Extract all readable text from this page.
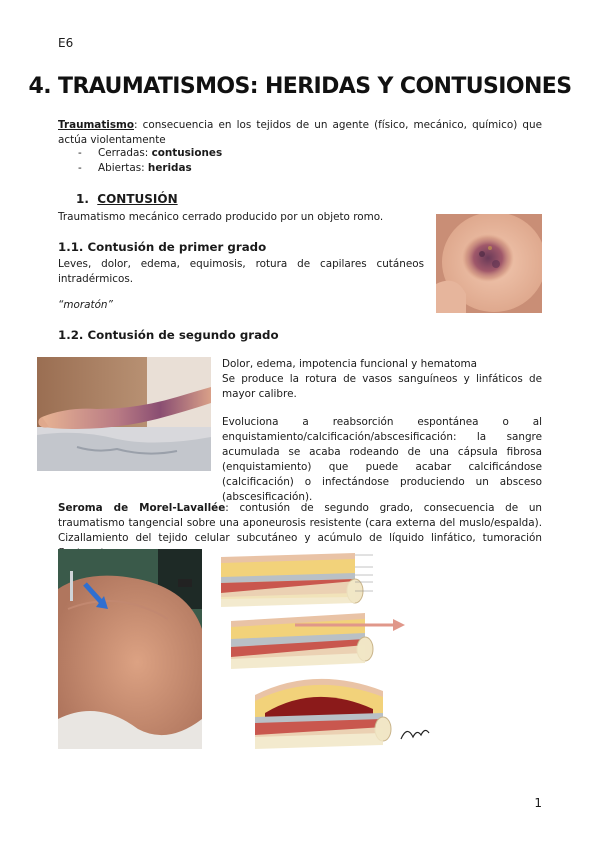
E6
4. TRAUMATISMOS: HERIDAS Y CONTUSIONES
Traumatismo: consecuencia en los tejidos de un agente (físico, mecánico, químico) que actúa violentamente
-	Cerradas: contusiones
-	Abiertas: heridas
1. CONTUSIÓN
Traumatismo mecánico cerrado producido por un objeto romo.
1.1. Contusión de primer grado
Leves, dolor, edema, equimosis, rotura de capilares cutáneos intradérmicos.
“moratón”
1.2. Contusión de segundo grado
Dolor, edema, impotencia funcional y hematoma
Se produce la rotura de vasos sanguíneos y linfáticos de mayor calibre.
Evoluciona a reabsorción espontánea o al enquistamiento/calcificación/abscesificación: la sangre acumulada se acaba rodeando de una cápsula fibrosa (enquistamiento) que puede acabar calcificándose (calcificación) o infectándose produciendo un absceso (abscesificación).
Seroma de Morel-Lavallée: contusión de segundo grado, consecuencia de un traumatismo tangencial sobre una aponeurosis resistente (cara externa del muslo/espalda). Cizallamiento del tejido celular subcutáneo y acúmulo de líquido linfático, tumoración
1
